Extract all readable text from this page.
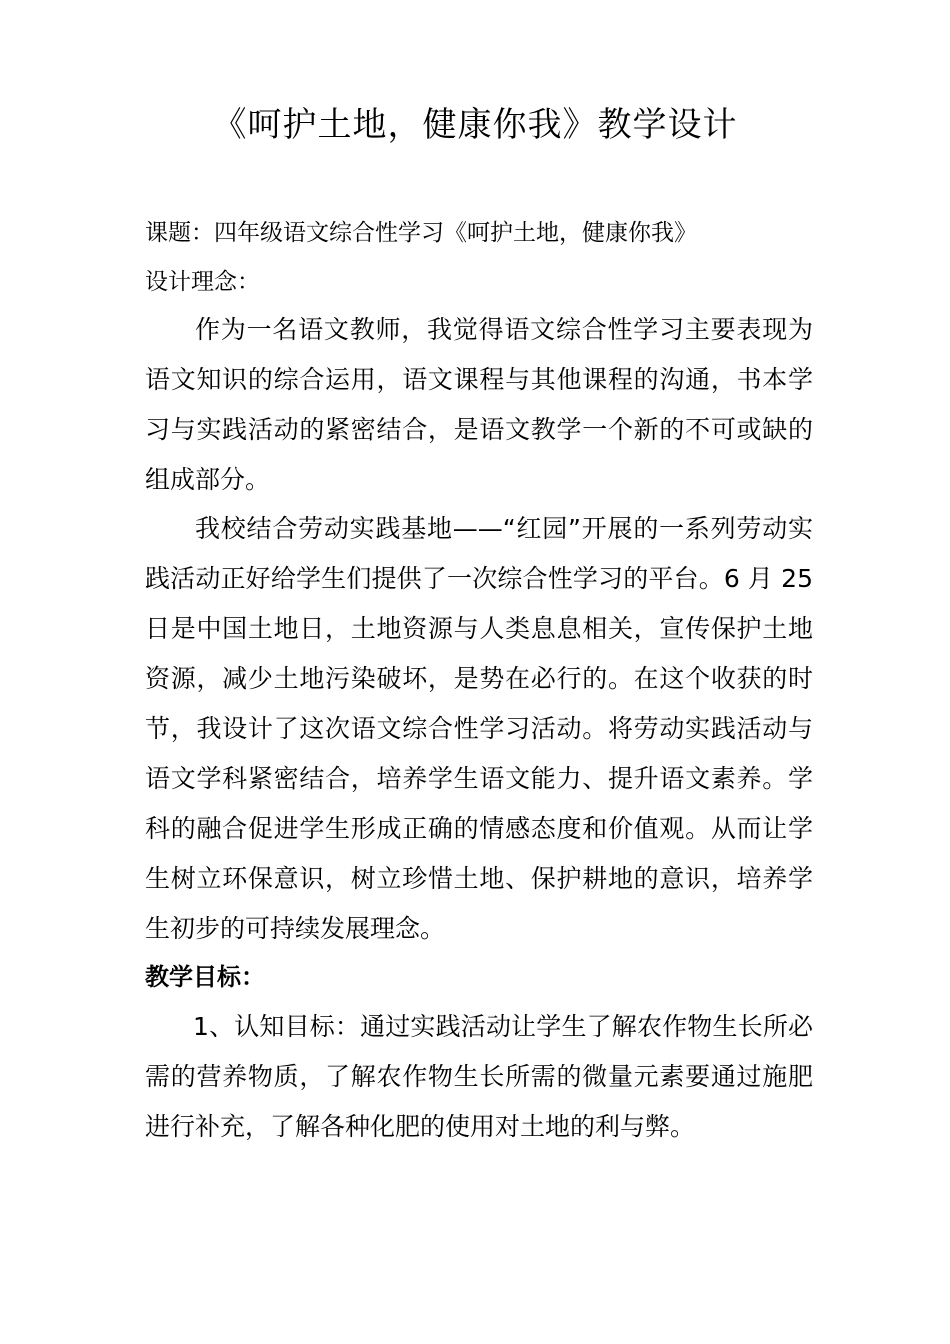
《呵护土地，健康你我》教学设计
课题：四年级语文综合性学习《呵护土地，健康你我》
设计理念：

作为一名语文教师，我觉得语文综合性学习主要表现为语文知识的综合运用，语文课程与其他课程的沟通，书本学习与实践活动的紧密结合，是语文教学一个新的不可或缺的组成部分。

我校结合劳动实践基地——“红园”开展的一系列劳动实践活动正好给学生们提供了一次综合性学习的平台。6 月 25 日是中国土地日，土地资源与人类息息相关，宣传保护土地资源，减少土地污染破坏，是势在必行的。在这个收获的时节，我设计了这次语文综合性学习活动。将劳动实践活动与语文学科紧密结合，培养学生语文能力、提升语文素养。学科的融合促进学生形成正确的情感态度和价值观。从而让学生树立环保意识，树立珍惜土地、保护耕地的意识，培养学生初步的可持续发展理念。

教学目标：

1、认知目标：通过实践活动让学生了解农作物生长所必需的营养物质，了解农作物生长所需的微量元素要通过施肥进行补充，了解各种化肥的使用对土地的利与弊。
